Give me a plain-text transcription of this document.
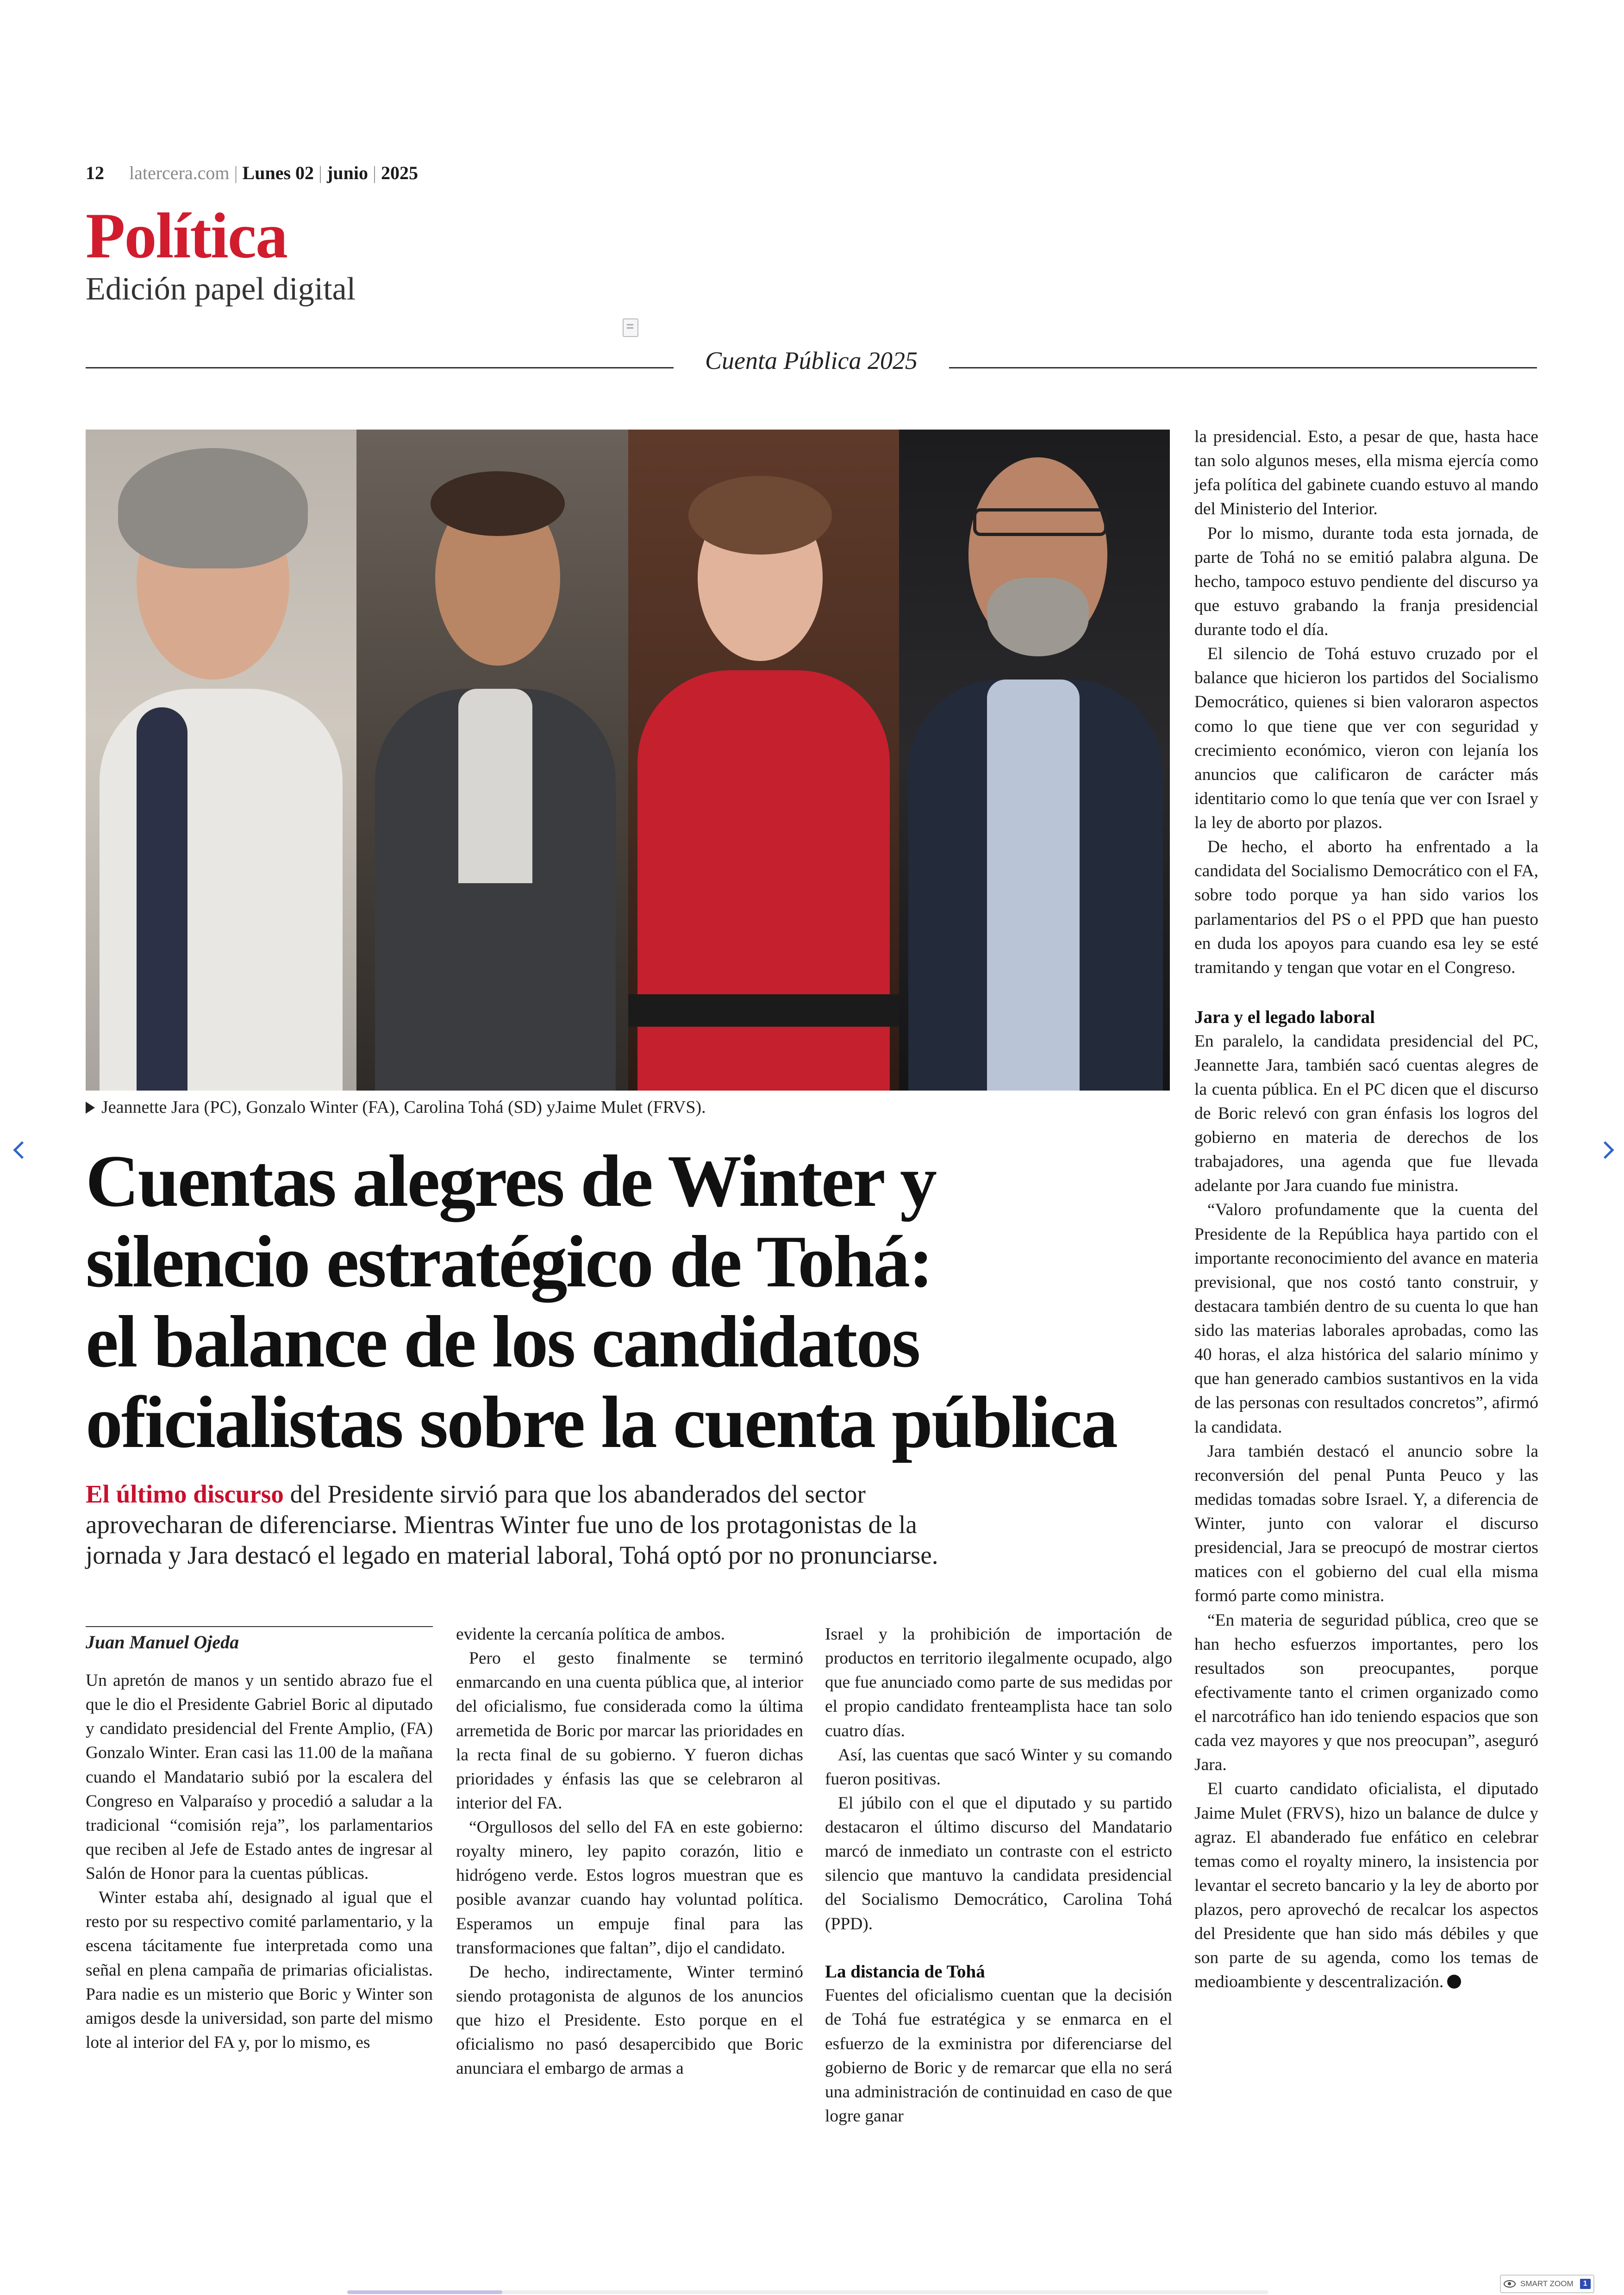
12 latercera.com | Lunes 02 | junio | 2025
Política
Edición papel digital
Cuenta Pública 2025
Jeannette Jara (PC), Gonzalo Winter (FA), Carolina Tohá (SD) yJaime Mulet (FRVS).
Cuentas alegres de Winter y
silencio estratégico de Tohá:
el balance de los candidatos
oficialistas sobre la cuenta pública
El último discurso del Presidente sirvió para que los abanderados del sector
aprovecharan de diferenciarse. Mientras Winter fue uno de los protagonistas de la
jornada y Jara destacó el legado en material laboral, Tohá optó por no pronunciarse.
Juan Manuel Ojeda

Un apretón de manos y un sentido abrazo fue el que le dio el Presidente Gabriel Boric al diputado y candidato presidencial del Frente Amplio, (FA) Gonzalo Winter. Eran casi las 11.00 de la mañana cuando el Mandatario subió por la escalera del Congreso en Valparaíso y procedió a saludar a la tradicional “comisión reja”, los parlamentarios que reciben al Jefe de Estado antes de ingresar al Salón de Honor para la cuentas públicas.

Winter estaba ahí, designado al igual que el resto por su respectivo comité parlamentario, y la escena tácitamente fue interpretada como una señal en plena campaña de primarias oficialistas. Para nadie es un misterio que Boric y Winter son amigos desde la universidad, son parte del mismo lote al interior del FA y, por lo mismo, es

evidente la cercanía política de ambos.

Pero el gesto finalmente se terminó enmarcando en una cuenta pública que, al interior del oficialismo, fue considerada como la última arremetida de Boric por marcar las prioridades en la recta final de su gobierno. Y fueron dichas prioridades y énfasis las que se celebraron al interior del FA.

“Orgullosos del sello del FA en este gobierno: royalty minero, ley papito corazón, litio e hidrógeno verde. Estos logros muestran que es posible avanzar cuando hay voluntad política. Esperamos un empuje final para las transformaciones que faltan”, dijo el candidato.

De hecho, indirectamente, Winter terminó siendo protagonista de algunos de los anuncios que hizo el Presidente. Esto porque en el oficialismo no pasó desapercibido que Boric anunciara el embargo de armas a

Israel y la prohibición de importación de productos en territorio ilegalmente ocupado, algo que fue anunciado como parte de sus medidas por el propio candidato frenteamplista hace tan solo cuatro días.

Así, las cuentas que sacó Winter y su comando fueron positivas.

El júbilo con el que el diputado y su partido destacaron el último discurso del Mandatario marcó de inmediato un contraste con el estricto silencio que mantuvo la candidata presidencial del Socialismo Democrático, Carolina Tohá (PPD).

La distancia de Tohá

Fuentes del oficialismo cuentan que la decisión de Tohá fue estratégica y se enmarca en el esfuerzo de la exministra por diferenciarse del gobierno de Boric y de remarcar que ella no será una administración de continuidad en caso de que logre ganar

la presidencial. Esto, a pesar de que, hasta hace tan solo algunos meses, ella misma ejercía como jefa política del gabinete cuando estuvo al mando del Ministerio del Interior.

Por lo mismo, durante toda esta jornada, de parte de Tohá no se emitió palabra alguna. De hecho, tampoco estuvo pendiente del discurso ya que estuvo grabando la franja presidencial durante todo el día.

El silencio de Tohá estuvo cruzado por el balance que hicieron los partidos del Socialismo Democrático, quienes si bien valoraron aspectos como lo que tiene que ver con seguridad y crecimiento económico, vieron con lejanía los anuncios que calificaron de carácter más identitario como lo que tenía que ver con Israel y la ley de aborto por plazos.

De hecho, el aborto ha enfrentado a la candidata del Socialismo Democrático con el FA, sobre todo porque ya han sido varios los parlamentarios del PS o el PPD que han puesto en duda los apoyos para cuando esa ley se esté tramitando y tengan que votar en el Congreso.

Jara y el legado laboral

En paralelo, la candidata presidencial del PC, Jeannette Jara, también sacó cuentas alegres de la cuenta pública. En el PC dicen que el discurso de Boric relevó con gran énfasis los logros del gobierno en materia de derechos de los trabajadores, una agenda que fue llevada adelante por Jara cuando fue ministra.

“Valoro profundamente que la cuenta del Presidente de la República haya partido con el importante reconocimiento del avance en materia previsional, que nos costó tanto construir, y destacara también dentro de su cuenta lo que han sido las materias laborales aprobadas, como las 40 horas, el alza histórica del salario mínimo y que han generado cambios sustantivos en la vida de las personas con resultados concretos”, afirmó la candidata.

Jara también destacó el anuncio sobre la reconversión del penal Punta Peuco y las medidas tomadas sobre Israel. Y, a diferencia de Winter, junto con valorar el discurso presidencial, Jara se preocupó de mostrar ciertos matices con el gobierno del cual ella misma formó parte como ministra.

“En materia de seguridad pública, creo que se han hecho esfuerzos importantes, pero los resultados son preocupantes, porque efectivamente tanto el crimen organizado como el narcotráfico han ido teniendo espacios que son cada vez mayores y que nos preocupan”, aseguró Jara.

El cuarto candidato oficialista, el diputado Jaime Mulet (FRVS), hizo un balance de dulce y agraz. El abanderado fue enfático en celebrar temas como el royalty minero, la insistencia por levantar el secreto bancario y la ley de aborto por plazos, pero aprovechó de recalcar los aspectos del Presidente que han sido más débiles y que son parte de su agenda, como los temas de medioambiente y descentralización.

SMART ZOOM	1
